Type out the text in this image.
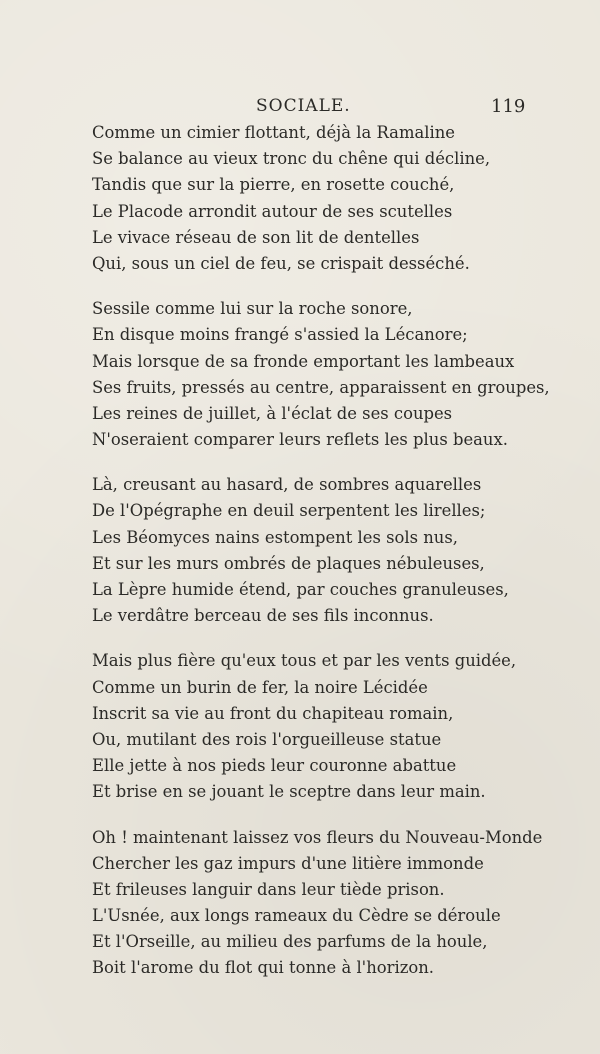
SOCIALE.	119
Comme un cimier flottant, déjà la Ramaline
Se balance au vieux tronc du chêne qui décline,
Tandis que sur la pierre, en rosette couché,
Le Placode arrondit autour de ses scutelles
Le vivace réseau de son lit de dentelles
Qui, sous un ciel de feu, se crispait desséché.
Sessile comme lui sur la roche sonore,
En disque moins frangé s'assied la Lécanore;
Mais lorsque de sa fronde emportant les lambeaux
Ses fruits, pressés au centre, apparaissent en groupes,
Les reines de juillet, à l'éclat de ses coupes
N'oseraient comparer leurs reflets les plus beaux.
Là, creusant au hasard, de sombres aquarelles
De l'Opégraphe en deuil serpentent les lirelles;
Les Béomyces nains estompent les sols nus,
Et sur les murs ombrés de plaques nébuleuses,
La Lèpre humide étend, par couches granuleuses,
Le verdâtre berceau de ses fils inconnus.
Mais plus fière qu'eux tous et par les vents guidée,
Comme un burin de fer, la noire Lécidée
Inscrit sa vie au front du chapiteau romain,
Ou, mutilant des rois l'orgueilleuse statue
Elle jette à nos pieds leur couronne abattue
Et brise en se jouant le sceptre dans leur main.
Oh ! maintenant laissez vos fleurs du Nouveau-Monde
Chercher les gaz impurs d'une litière immonde
Et frileuses languir dans leur tiède prison.
L'Usnée, aux longs rameaux du Cèdre se déroule
Et l'Orseille, au milieu des parfums de la houle,
Boit l'arome du flot qui tonne à l'horizon.
